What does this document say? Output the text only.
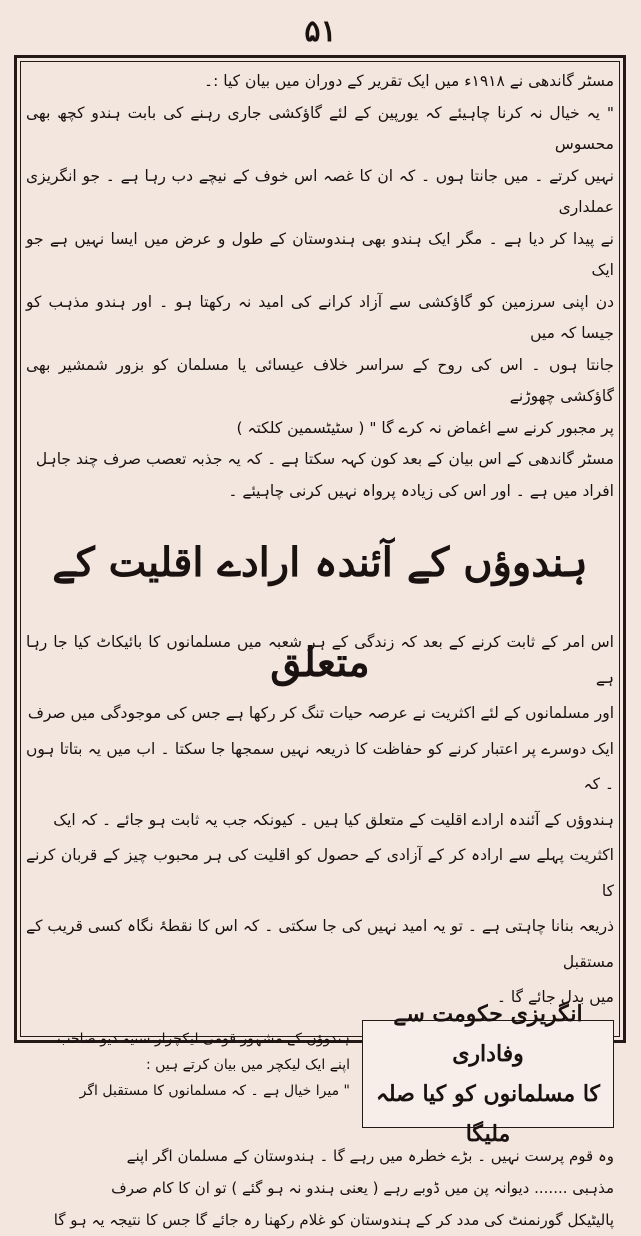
۵۱
مسٹر گاندھی نے ۱۹۱۸ء میں ایک تقریر کے دوران میں بیان کیا :۔
" یہ خیال نہ کرنا چاہیئے کہ یورپین کے لئے گاؤکشی جاری رہنے کی بابت ہندو کچھ بھی محسوس
نہیں کرتے ۔ میں جانتا ہوں ۔ کہ ان کا غصہ اس خوف کے نیچے دب رہا ہے ۔ جو انگریزی عملداری
نے پیدا کر دیا ہے ۔ مگر ایک ہندو بھی ہندوستان کے طول و عرض میں ایسا نہیں ہے جو ایک
دن اپنی سرزمین کو گاؤکشی سے آزاد کرانے کی امید نہ رکھتا ہو ۔ اور ہندو مذہب کو جیسا کہ میں
جانتا ہوں ۔ اس کی روح کے سراسر خلاف عیسائی یا مسلمان کو بزور شمشیر بھی گاؤکشی چھوڑنے
پر مجبور کرنے سے اغماض نہ کرے گا " ( سٹیٹسمین کلکتہ )
مسٹر گاندھی کے اس بیان کے بعد کون کہہ سکتا ہے ۔ کہ یہ جذبہ تعصب صرف چند جاہل
افراد میں ہے ۔ اور اس کی زیادہ پرواہ نہیں کرنی چاہیئے ۔
ہندوؤں کے آئندہ ارادے اقلیت کے متعلق
اس امر کے ثابت کرنے کے بعد کہ زندگی کے ہر شعبہ میں مسلمانوں کا بائیکاٹ کیا جا رہا ہے
اور مسلمانوں کے لئے اکثریت نے عرصہ حیات تنگ کر رکھا ہے جس کی موجودگی میں صرف
ایک دوسرے پر اعتبار کرنے کو حفاظت کا ذریعہ نہیں سمجھا جا سکتا ۔ اب میں یہ بتاتا ہوں ۔ کہ
ہندوؤں کے آئندہ ارادے اقلیت کے متعلق کیا ہیں ۔ کیونکہ جب یہ ثابت ہو جائے ۔ کہ ایک
اکثریت پہلے سے ارادہ کر کے آزادی کے حصول کو اقلیت کی ہر محبوب چیز کے قربان کرنے کا
ذریعہ بنانا چاہتی ہے ۔ تو یہ امید نہیں کی جا سکتی ۔ کہ اس کا نقطۂ نگاہ کسی قریب کے مستقبل
میں بدل جائے گا ۔
انگریزی حکومت سے وفاداری
کا مسلمانوں کو کیا صلہ ملیگا
ہندوؤں کے مشہور قومی لیکچرار سنیہ دیو صاحب
اپنے ایک لیکچر میں بیان کرتے ہیں :
" میرا خیال ہے ۔ کہ مسلمانوں کا مستقبل اگر
وہ قوم پرست نہیں ۔ بڑے خطرہ میں رہے گا ۔ ہندوستان کے مسلمان اگر اپنے
مذہبی ....... دیوانہ پن میں ڈوبے رہے ( یعنی ہندو نہ ہو گئے ) تو ان کا کام صرف
پالیٹیکل گورنمنٹ کی مدد کر کے ہندوستان کو غلام رکھنا رہ جائے گا جس کا نتیجہ یہ ہو گا
